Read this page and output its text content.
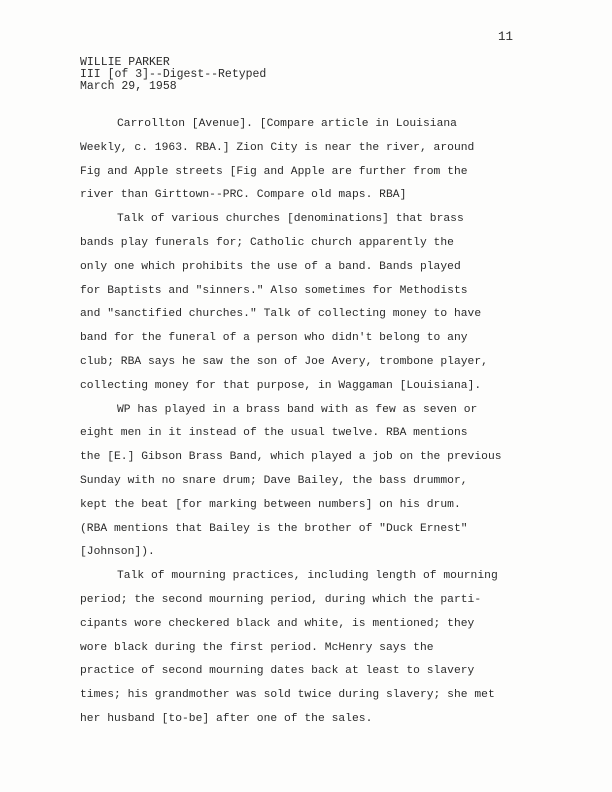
11
WILLIE PARKER
III [of 3]--Digest--Retyped
March 29, 1958
Carrollton [Avenue]. [Compare article in Louisiana
Weekly, c. 1963. RBA.] Zion City is near the river, around
Fig and Apple streets [Fig and Apple are further from the
river than Girttown--PRC. Compare old maps. RBA]
Talk of various churches [denominations] that brass
bands play funerals for; Catholic church apparently the
only one which prohibits the use of a band. Bands played
for Baptists and "sinners." Also sometimes for Methodists
and "sanctified churches." Talk of collecting money to have
band for the funeral of a person who didn't belong to any
club; RBA says he saw the son of Joe Avery, trombone player,
collecting money for that purpose, in Waggaman [Louisiana].
WP has played in a brass band with as few as seven or
eight men in it instead of the usual twelve. RBA mentions
the [E.] Gibson Brass Band, which played a job on the previous
Sunday with no snare drum; Dave Bailey, the bass drummor,
kept the beat [for marking between numbers] on his drum.
(RBA mentions that Bailey is the brother of "Duck Ernest"
[Johnson]).
Talk of mourning practices, including length of mourning
period; the second mourning period, during which the parti-
cipants wore checkered black and white, is mentioned; they
wore black during the first period. McHenry says the
practice of second mourning dates back at least to slavery
times; his grandmother was sold twice during slavery; she met
her husband [to-be] after one of the sales.
